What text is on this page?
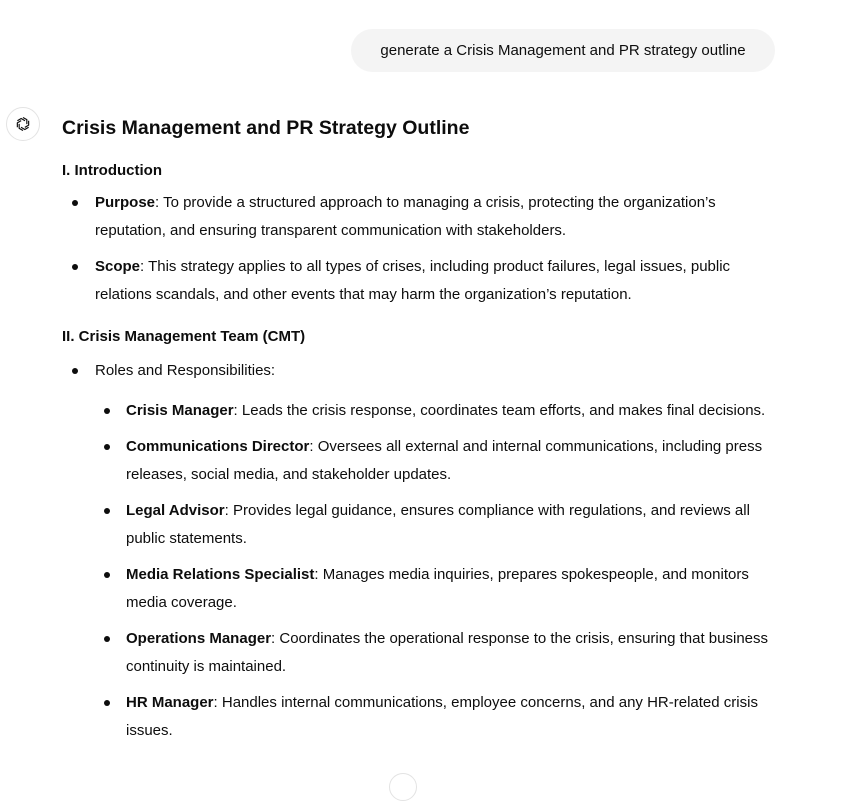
generate a Crisis Management and PR strategy outline
Crisis Management and PR Strategy Outline
I. Introduction
Purpose: To provide a structured approach to managing a crisis, protecting the organization’s reputation, and ensuring transparent communication with stakeholders.
Scope: This strategy applies to all types of crises, including product failures, legal issues, public relations scandals, and other events that may harm the organization’s reputation.
II. Crisis Management Team (CMT)
Roles and Responsibilities:
Crisis Manager: Leads the crisis response, coordinates team efforts, and makes final decisions.
Communications Director: Oversees all external and internal communications, including press releases, social media, and stakeholder updates.
Legal Advisor: Provides legal guidance, ensures compliance with regulations, and reviews all public statements.
Media Relations Specialist: Manages media inquiries, prepares spokespeople, and monitors media coverage.
Operations Manager: Coordinates the operational response to the crisis, ensuring that business continuity is maintained.
HR Manager: Handles internal communications, employee concerns, and any HR-related crisis issues.
